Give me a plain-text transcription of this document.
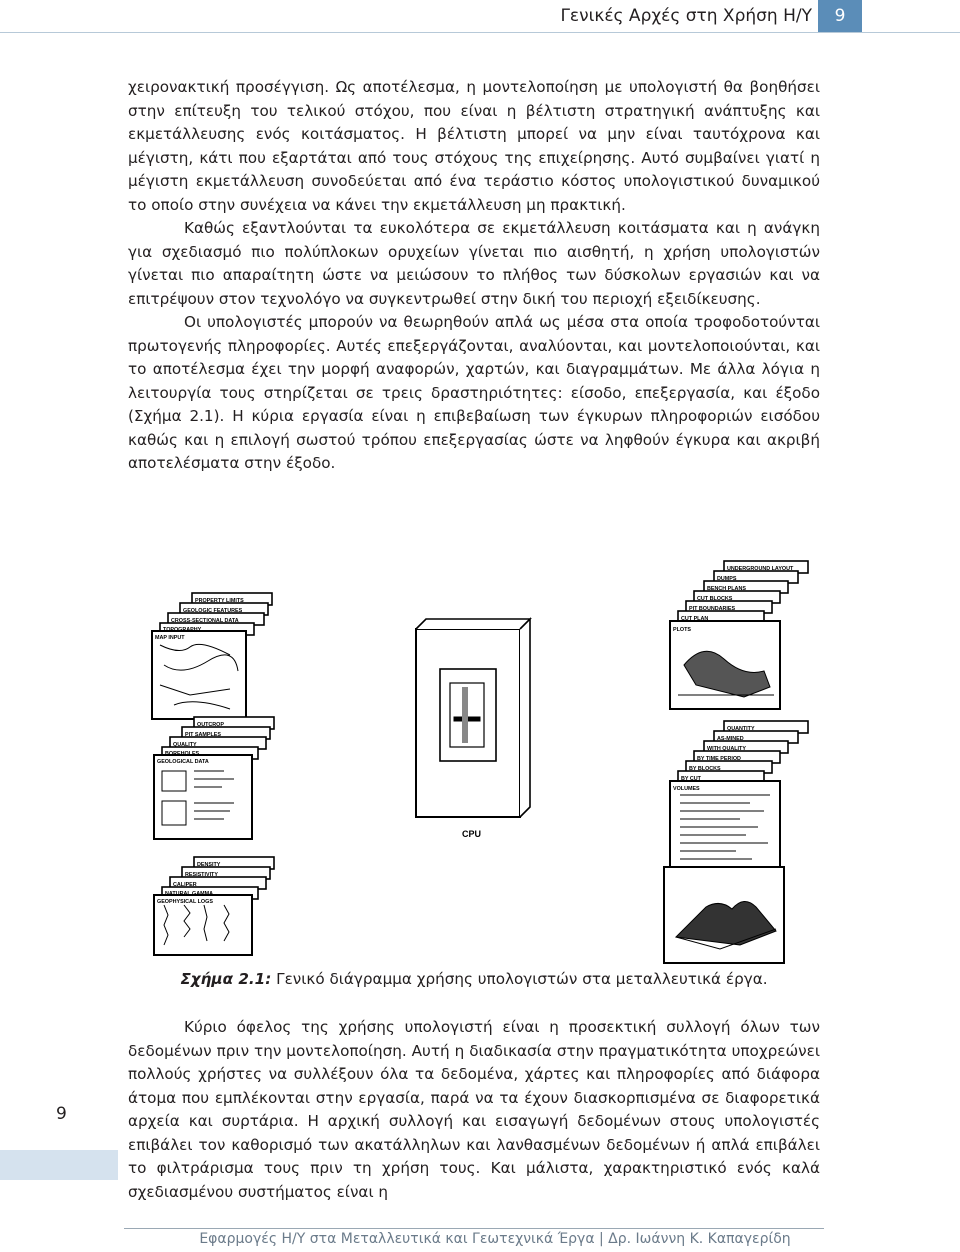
Γενικές Αρχές στη Χρήση Η/Υ	9

χειρονακτική προσέγγιση. Ως αποτέλεσμα, η μοντελοποίηση με υπολογιστή θα βοηθήσει στην επίτευξη του τελικού στόχου, που είναι η βέλτιστη στρατηγική ανάπτυξης και εκμετάλλευσης ενός κοιτάσματος. Η βέλτιστη μπορεί να μην είναι ταυτόχρονα και μέγιστη, κάτι που εξαρτάται από τους στόχους της επιχείρησης. Αυτό συμβαίνει γιατί η μέγιστη εκμετάλλευση συνοδεύεται από ένα τεράστιο κόστος υπολογιστικού δυναμικού το οποίο στην συνέχεια να κάνει την εκμετάλλευση μη πρακτική.

Καθώς εξαντλούνται τα ευκολότερα σε εκμετάλλευση κοιτάσματα και η ανάγκη για σχεδιασμό πιο πολύπλοκων ορυχείων γίνεται πιο αισθητή, η χρήση υπολογιστών γίνεται πιο απαραίτητη ώστε να μειώσουν το πλήθος των δύσκολων εργασιών και να επιτρέψουν στον τεχνολόγο να συγκεντρωθεί στην δική του περιοχή εξειδίκευσης.

Οι υπολογιστές μπορούν να θεωρηθούν απλά ως μέσα στα οποία τροφοδοτούνται πρωτογενής πληροφορίες. Αυτές επεξεργάζονται, αναλύονται, και μοντελοποιούνται, και το αποτέλεσμα έχει την μορφή αναφορών, χαρτών, και διαγραμμάτων. Με άλλα λόγια η λειτουργία τους στηρίζεται σε τρεις δραστηριότητες: είσοδο, επεξεργασία, και έξοδο (Σχήμα 2.1). Η κύρια εργασία είναι η επιβεβαίωση των έγκυρων πληροφοριών εισόδου καθώς και η επιλογή σωστού τρόπου επεξεργασίας ώστε να ληφθούν έγκυρα και ακριβή αποτελέσματα στην έξοδο.

PROPERTY LIMITS
GEOLOGIC FEATURES
CROSS-SECTIONAL DATA
TOPOGRAPHY
MAP INPUT
OUTCROP
PIT SAMPLES
QUALITY
BOREHOLES
GEOLOGICAL DATA
DENSITY
RESISTIVITY
CALIPER
NATURAL GAMMA
GEOPHYSICAL LOGS
CPU
UNDERGROUND LAYOUT
DUMPS
BENCH PLANS
CUT BLOCKS
PIT BOUNDARIES
CUT PLAN
PLOTS
QUANTITY
AS-MINED
WITH QUALITY
BY TIME PERIOD
BY BLOCKS
BY CUT
VOLUMES
Σχήμα 2.1: Γενικό διάγραμμα χρήσης υπολογιστών στα μεταλλευτικά έργα.

Κύριο όφελος της χρήσης υπολογιστή είναι η προσεκτική συλλογή όλων των δεδομένων πριν την μοντελοποίηση. Αυτή η διαδικασία στην πραγματικότητα υποχρεώνει πολλούς χρήστες να συλλέξουν όλα τα δεδομένα, χάρτες και πληροφορίες από διάφορα άτομα που εμπλέκονται στην εργασία, παρά να τα έχουν διασκορπισμένα σε διαφορετικά αρχεία και συρτάρια. Η αρχική συλλογή και εισαγωγή δεδομένων στους υπολογιστές επιβάλει τον καθορισμό των ακατάλληλων και λανθασμένων δεδομένων ή απλά επιβάλει το φιλτράρισμα τους πριν τη χρήση τους. Και μάλιστα, χαρακτηριστικό ενός καλά σχεδιασμένου συστήματος είναι η

9
Εφαρμογές Η/Υ στα Μεταλλευτικά και Γεωτεχνικά Έργα | Δρ. Ιωάννη Κ. Καπαγερίδη
